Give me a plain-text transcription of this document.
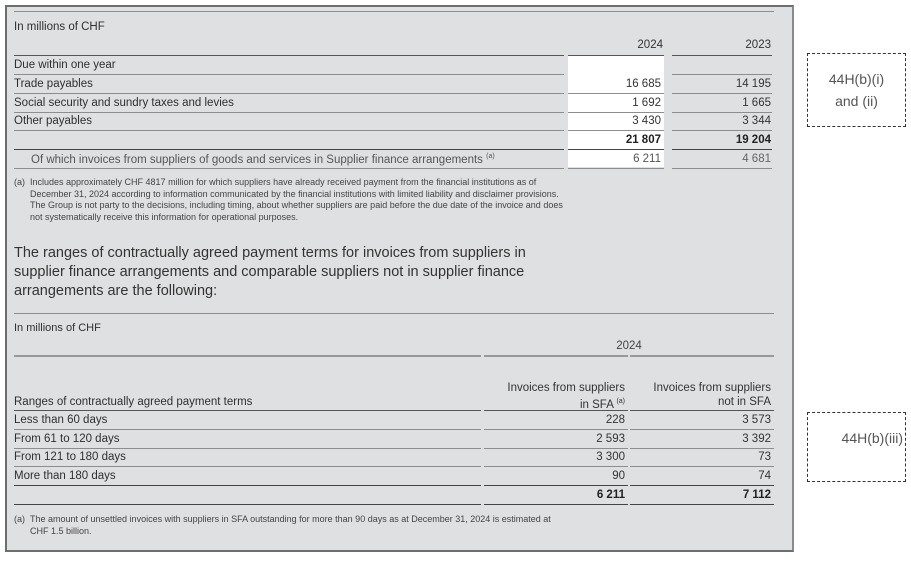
In millions of CHF
2024	2023
Due within one year
Trade payables	16 685	14 195
Social security and sundry taxes and levies	1 692	1 665
Other payables	3 430	3 344
21 807	19 204
Of which invoices from suppliers of goods and services in Supplier finance arrangements $^{(a)}$	6 211	4 681
(a) Includes approximately CHF 4817 million for which suppliers have already received payment from the financial institutions as of December 31, 2024 according to information communicated by the financial institutions with limited liability and disclaimer provisions. The Group is not party to the decisions, including timing, about whether suppliers are paid before the due date of the invoice and does not systematically receive this information for operational purposes.
The ranges of contractually agreed payment terms for invoices from suppliers in supplier finance arrangements and comparable suppliers not in supplier finance arrangements are the following:
In millions of CHF
2024
Invoices from suppliers
in SFA $^{(a)}$
Invoices from suppliers
not in SFA
Ranges of contractually agreed payment terms
Less than 60 days	228	3 573
From 61 to 120 days	2 593	3 392
From 121 to 180 days	3 300	73
More than 180 days	90	74
6 211	7 112
(a) The amount of unsettled invoices with suppliers in SFA outstanding for more than 90 days as at December 31, 2024 is estimated at CHF 1.5 billion.
44H(b)(i)
and (ii)
44H(b)(iii)
